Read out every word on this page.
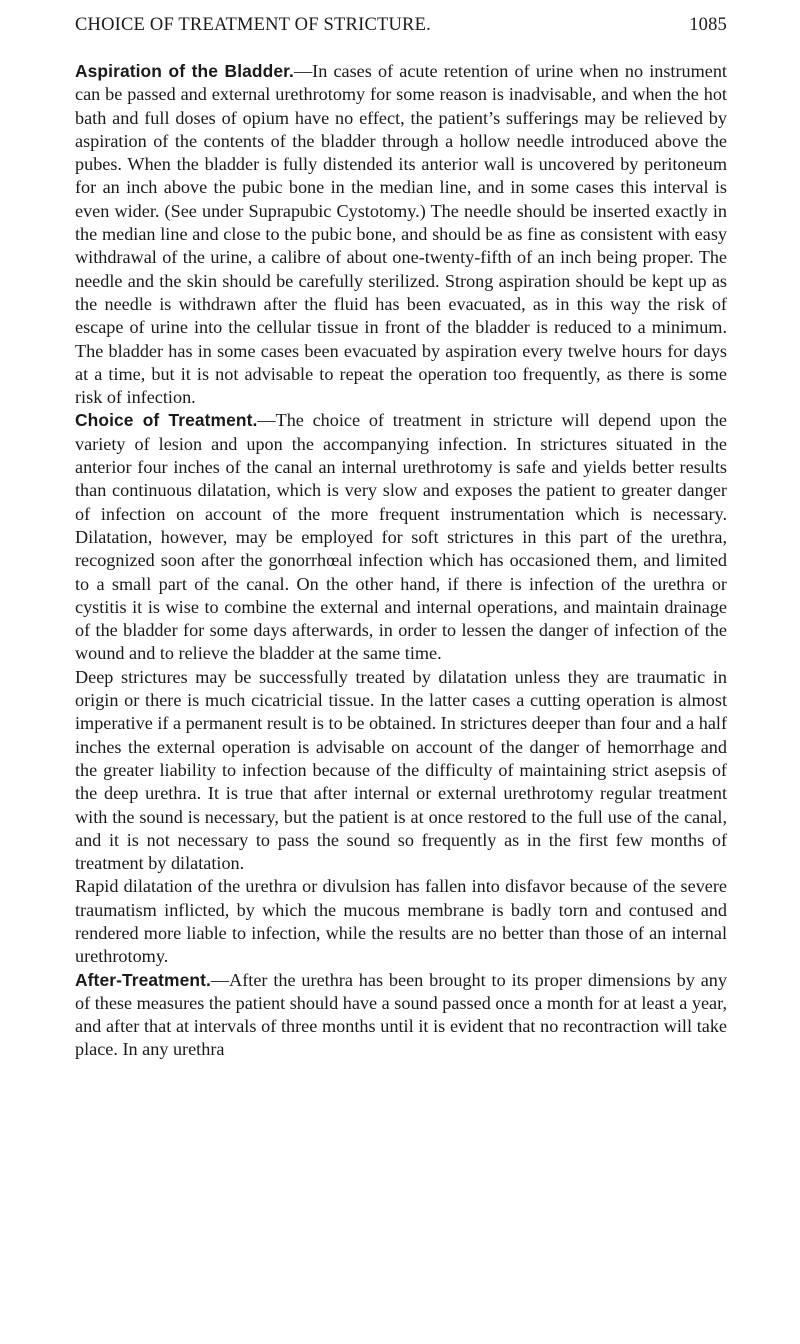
CHOICE OF TREATMENT OF STRICTURE.	1085

Aspiration of the Bladder.—In cases of acute retention of urine when no instrument can be passed and external urethrotomy for some reason is inadvisable, and when the hot bath and full doses of opium have no effect, the patient’s sufferings may be relieved by aspiration of the contents of the bladder through a hollow needle introduced above the pubes. When the bladder is fully distended its anterior wall is uncovered by peritoneum for an inch above the pubic bone in the median line, and in some cases this interval is even wider. (See under Suprapubic Cystotomy.) The needle should be inserted exactly in the median line and close to the pubic bone, and should be as fine as consistent with easy withdrawal of the urine, a calibre of about one-twenty-fifth of an inch being proper. The needle and the skin should be carefully sterilized. Strong aspiration should be kept up as the needle is withdrawn after the fluid has been evacuated, as in this way the risk of escape of urine into the cellular tissue in front of the bladder is reduced to a minimum. The bladder has in some cases been evacuated by aspiration every twelve hours for days at a time, but it is not advisable to repeat the operation too frequently, as there is some risk of infection.

Choice of Treatment.—The choice of treatment in stricture will depend upon the variety of lesion and upon the accompanying infection. In strictures situated in the anterior four inches of the canal an internal urethrotomy is safe and yields better results than continuous dilatation, which is very slow and exposes the patient to greater danger of infection on account of the more frequent instrumentation which is necessary. Dilatation, however, may be employed for soft strictures in this part of the urethra, recognized soon after the gonorrhœal infection which has occasioned them, and limited to a small part of the canal. On the other hand, if there is infection of the urethra or cystitis it is wise to combine the external and internal operations, and maintain drainage of the bladder for some days afterwards, in order to lessen the danger of infection of the wound and to relieve the bladder at the same time.

Deep strictures may be successfully treated by dilatation unless they are traumatic in origin or there is much cicatricial tissue. In the latter cases a cutting operation is almost imperative if a permanent result is to be obtained. In strictures deeper than four and a half inches the external operation is advisable on account of the danger of hemorrhage and the greater liability to infection because of the difficulty of maintaining strict asepsis of the deep urethra. It is true that after internal or external urethrotomy regular treatment with the sound is necessary, but the patient is at once restored to the full use of the canal, and it is not necessary to pass the sound so frequently as in the first few months of treatment by dilatation.

Rapid dilatation of the urethra or divulsion has fallen into disfavor because of the severe traumatism inflicted, by which the mucous membrane is badly torn and contused and rendered more liable to infection, while the results are no better than those of an internal urethrotomy.

After-Treatment.—After the urethra has been brought to its proper dimensions by any of these measures the patient should have a sound passed once a month for at least a year, and after that at intervals of three months until it is evident that no recontraction will take place. In any urethra
